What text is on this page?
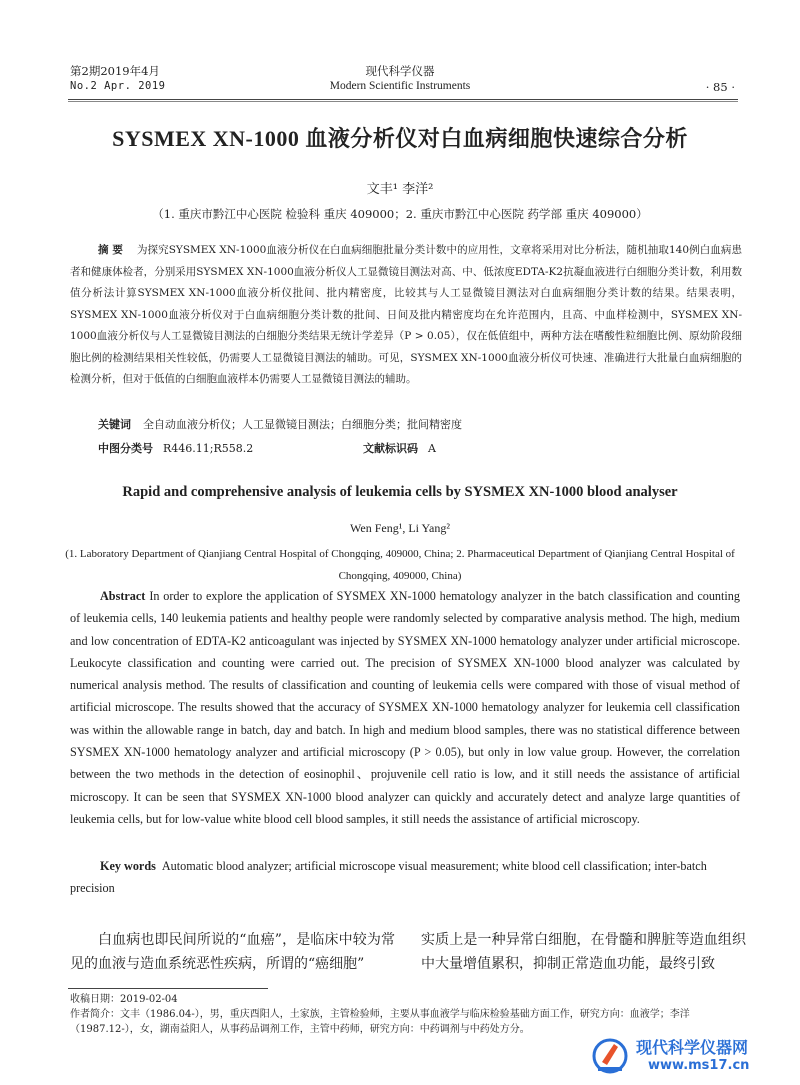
第2期2019年4月
No.2 Apr. 2019
现代科学仪器
Modern Scientific Instruments	· 85 ·
SYSMEX XN-1000 血液分析仪对白血病细胞快速综合分析
文丰¹ 李洋²
（1. 重庆市黔江中心医院 检验科 重庆 409000；2. 重庆市黔江中心医院 药学部 重庆 409000）

摘 要 为探究SYSMEX XN-1000血液分析仪在白血病细胞批量分类计数中的应用性，文章将采用对比分析法，随机抽取140例白血病患者和健康体检者，分别采用SYSMEX XN-1000血液分析仪人工显微镜目测法对高、中、低浓度EDTA-K2抗凝血液进行白细胞分类计数，利用数值分析法计算SYSMEX XN-1000血液分析仪批间、批内精密度，比较其与人工显微镜目测法对白血病细胞分类计数的结果。结果表明，SYSMEX XN-1000血液分析仪对于白血病细胞分类计数的批间、日间及批内精密度均在允许范围内，且高、中血样检测中，SYSMEX XN-1000血液分析仪与人工显微镜目测法的白细胞分类结果无统计学差异（P > 0.05），仅在低值组中，两种方法在嗜酸性粒细胞比例、原幼阶段细胞比例的检测结果相关性较低，仍需要人工显微镜目测法的辅助。可见，SYSMEX XN-1000血液分析仪可快速、准确进行大批量白血病细胞的检测分析，但对于低值的白细胞血液样本仍需要人工显微镜目测法的辅助。

关键词 全自动血液分析仪；人工显微镜目测法；白细胞分类；批间精密度
中图分类号 R446.11;R558.2	文献标识码 A
Rapid and comprehensive analysis of leukemia cells by SYSMEX XN-1000 blood analyser
Wen Feng¹, Li Yang²
(1. Laboratory Department of Qianjiang Central Hospital of Chongqing, 409000, China; 2. Pharmaceutical Department of Qianjiang Central Hospital of Chongqing, 409000, China)

Abstract In order to explore the application of SYSMEX XN-1000 hematology analyzer in the batch classification and counting of leukemia cells, 140 leukemia patients and healthy people were randomly selected by comparative analysis method. The high, medium and low concentration of EDTA-K2 anticoagulant was injected by SYSMEX XN-1000 hematology analyzer under artificial microscope. Leukocyte classification and counting were carried out. The precision of SYSMEX XN-1000 blood analyzer was calculated by numerical analysis method. The results of classification and counting of leukemia cells were compared with those of visual method of artificial microscope. The results showed that the accuracy of SYSMEX XN-1000 hematology analyzer for leukemia cell classification was within the allowable range in batch, day and batch. In high and medium blood samples, there was no statistical difference between SYSMEX XN-1000 hematology analyzer and artificial microscopy (P > 0.05), but only in low value group. However, the correlation between the two methods in the detection of eosinophil、projuvenile cell ratio is low, and it still needs the assistance of artificial microscopy. It can be seen that SYSMEX XN-1000 blood analyzer can quickly and accurately detect and analyze large quantities of leukemia cells, but for low-value white blood cell blood samples, it still needs the assistance of artificial microscopy.

Key words Automatic blood analyzer; artificial microscope visual measurement; white blood cell classification; inter-batch precision
白血病也即民间所说的“血癌”，是临床中较为常见的血液与造血系统恶性疾病，所谓的“癌细胞”
实质上是一种异常白细胞，在骨髓和脾脏等造血组织中大量增值累积，抑制正常造血功能，最终引致

收稿日期：2019-02-04

作者简介：文丰（1986.04-），男，重庆酉阳人，土家族，主管检验师，主要从事血液学与临床检验基础方面工作，研究方向：血液学；李洋（1987.12-），女，湖南益阳人，从事药品调剂工作，主管中药师，研究方向：中药调剂与中药处方分。

现代科学仪器网
www.ms17.cn
